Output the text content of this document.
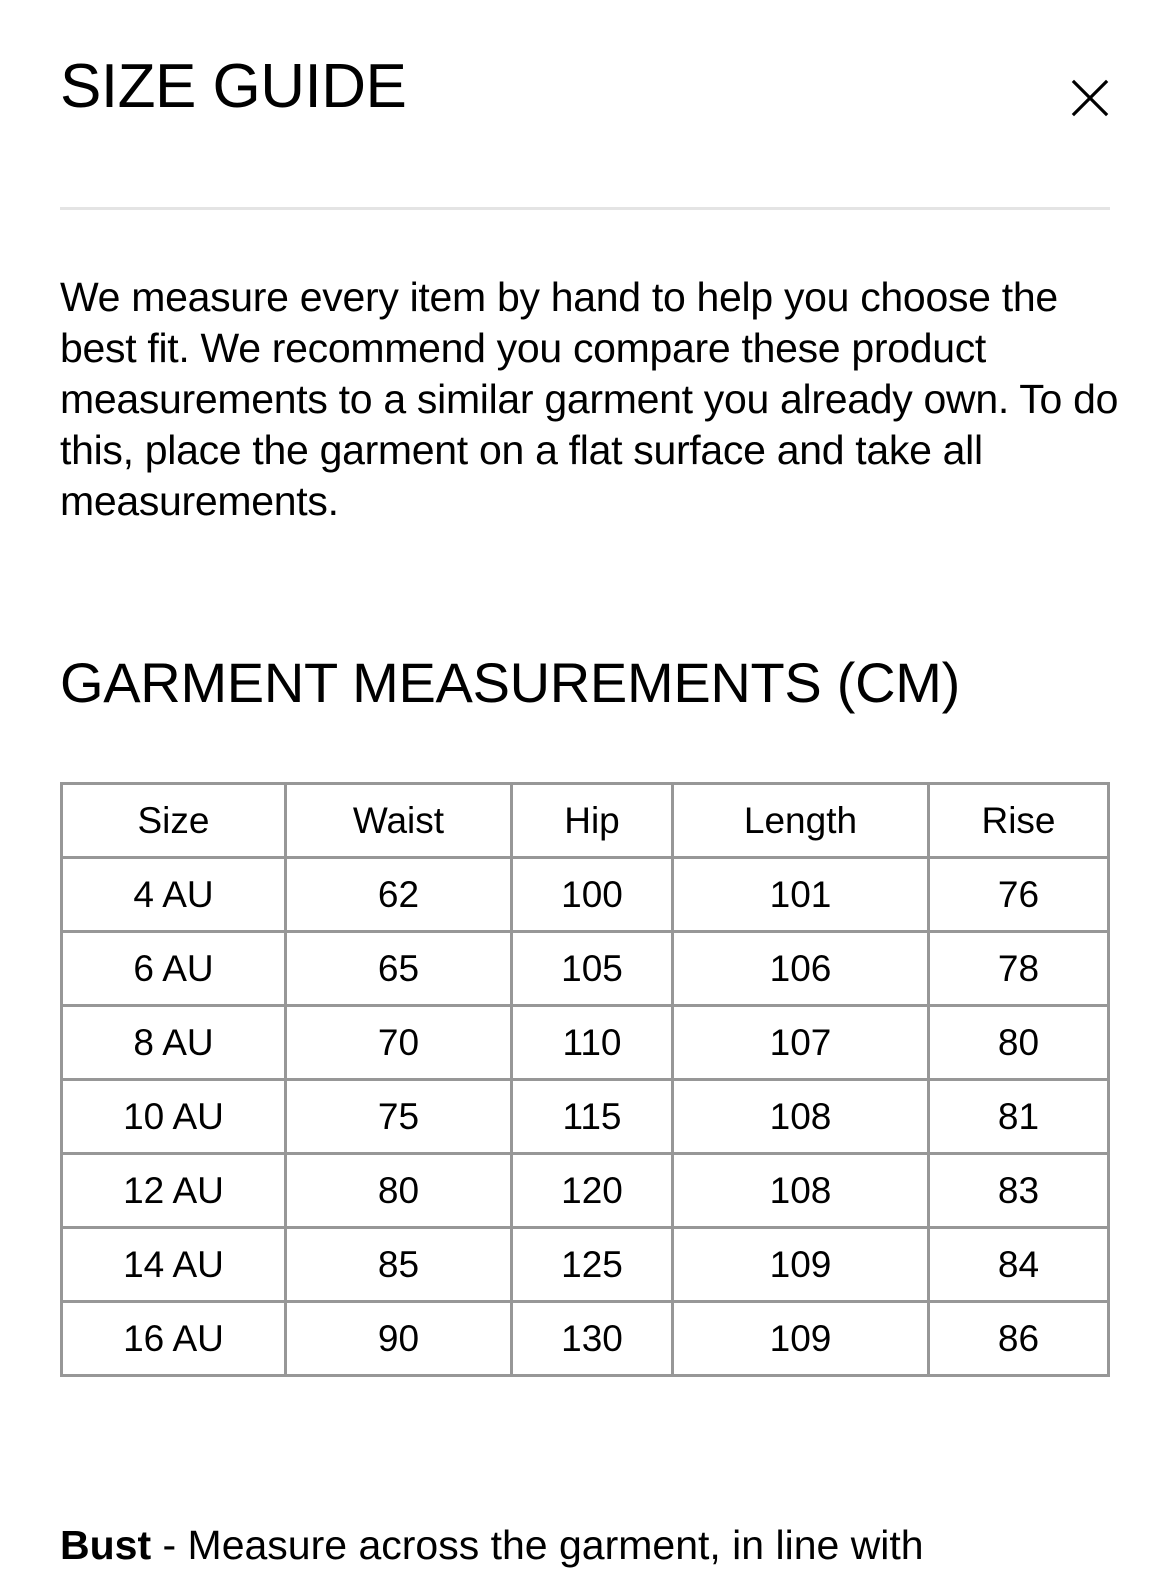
SIZE GUIDE

We measure every item by hand to help you choose the best fit. We recommend you compare these product measurements to a similar garment you already own. To do this, place the garment on a flat surface and take all measurements.

GARMENT MEASUREMENTS (CM)
Size	Waist	Hip	Length	Rise
4 AU	62	100	101	76
6 AU	65	105	106	78
8 AU	70	110	107	80
10 AU	75	115	108	81
12 AU	80	120	108	83
14 AU	85	125	109	84
16 AU	90	130	109	86

Bust - Measure across the garment, in line with
